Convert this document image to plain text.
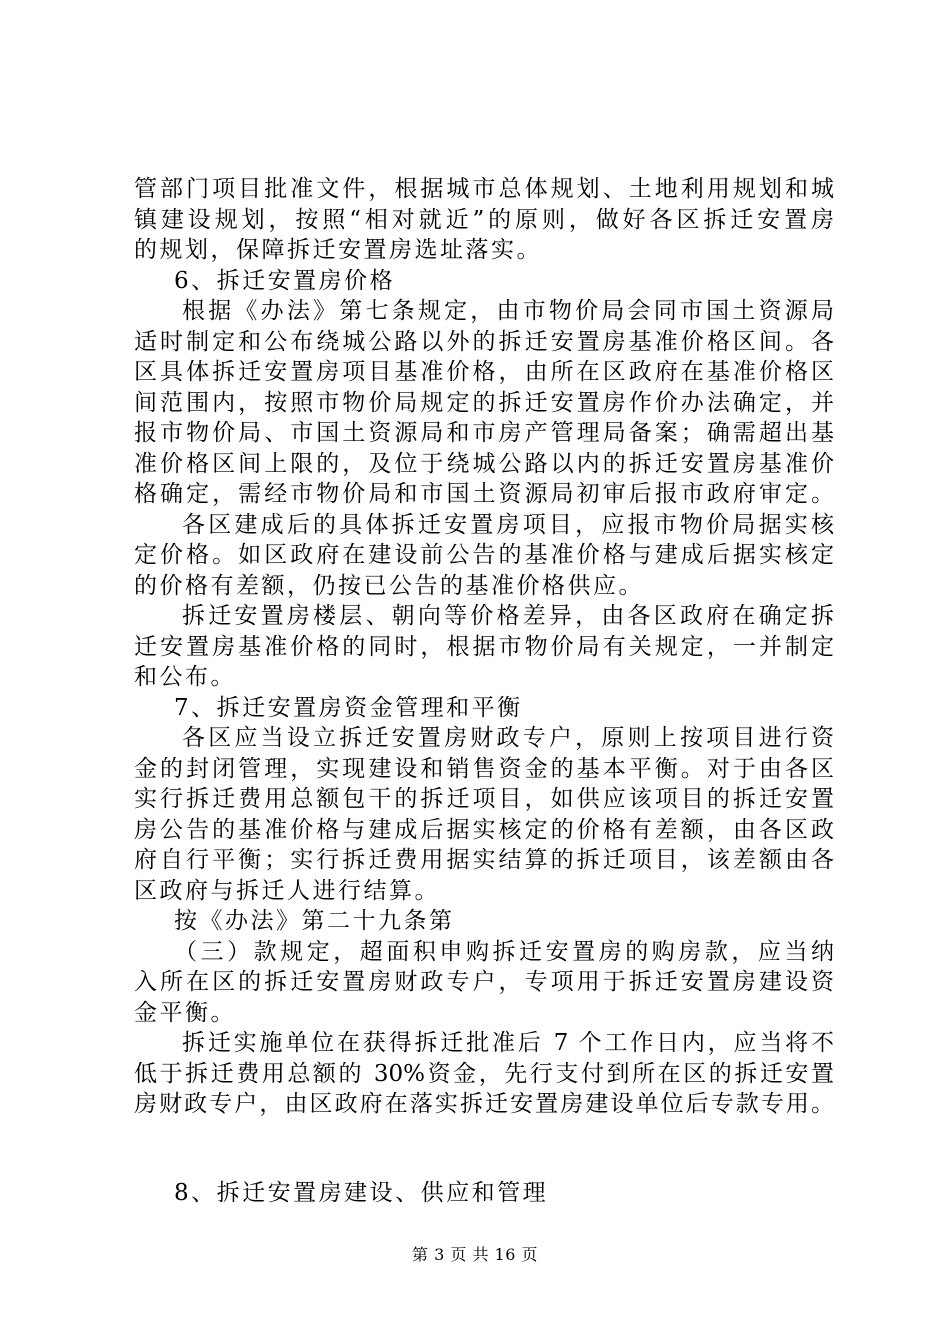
管部门项目批准文件，根据城市总体规划、土地利用规划和城
镇建设规划，按照“相对就近”的原则，做好各区拆迁安置房
的规划，保障拆迁安置房选址落实。
6、拆迁安置房价格
根据《办法》第七条规定，由市物价局会同市国土资源局
适时制定和公布绕城公路以外的拆迁安置房基准价格区间。各
区具体拆迁安置房项目基准价格，由所在区政府在基准价格区
间范围内，按照市物价局规定的拆迁安置房作价办法确定，并
报市物价局、市国土资源局和市房产管理局备案；确需超出基
准价格区间上限的，及位于绕城公路以内的拆迁安置房基准价
格确定，需经市物价局和市国土资源局初审后报市政府审定。
各区建成后的具体拆迁安置房项目，应报市物价局据实核
定价格。如区政府在建设前公告的基准价格与建成后据实核定
的价格有差额，仍按已公告的基准价格供应。
拆迁安置房楼层、朝向等价格差异，由各区政府在确定拆
迁安置房基准价格的同时，根据市物价局有关规定，一并制定
和公布。
7、拆迁安置房资金管理和平衡
各区应当设立拆迁安置房财政专户，原则上按项目进行资
金的封闭管理，实现建设和销售资金的基本平衡。对于由各区
实行拆迁费用总额包干的拆迁项目，如供应该项目的拆迁安置
房公告的基准价格与建成后据实核定的价格有差额，由各区政
府自行平衡；实行拆迁费用据实结算的拆迁项目，该差额由各
区政府与拆迁人进行结算。
按《办法》第二十九条第
（三）款规定，超面积申购拆迁安置房的购房款，应当纳
入所在区的拆迁安置房财政专户，专项用于拆迁安置房建设资
金平衡。
拆迁实施单位在获得拆迁批准后 7 个工作日内，应当将不
低于拆迁费用总额的 30%资金，先行支付到所在区的拆迁安置
房财政专户，由区政府在落实拆迁安置房建设单位后专款专用。
8、拆迁安置房建设、供应和管理
第 3 页 共 16 页
